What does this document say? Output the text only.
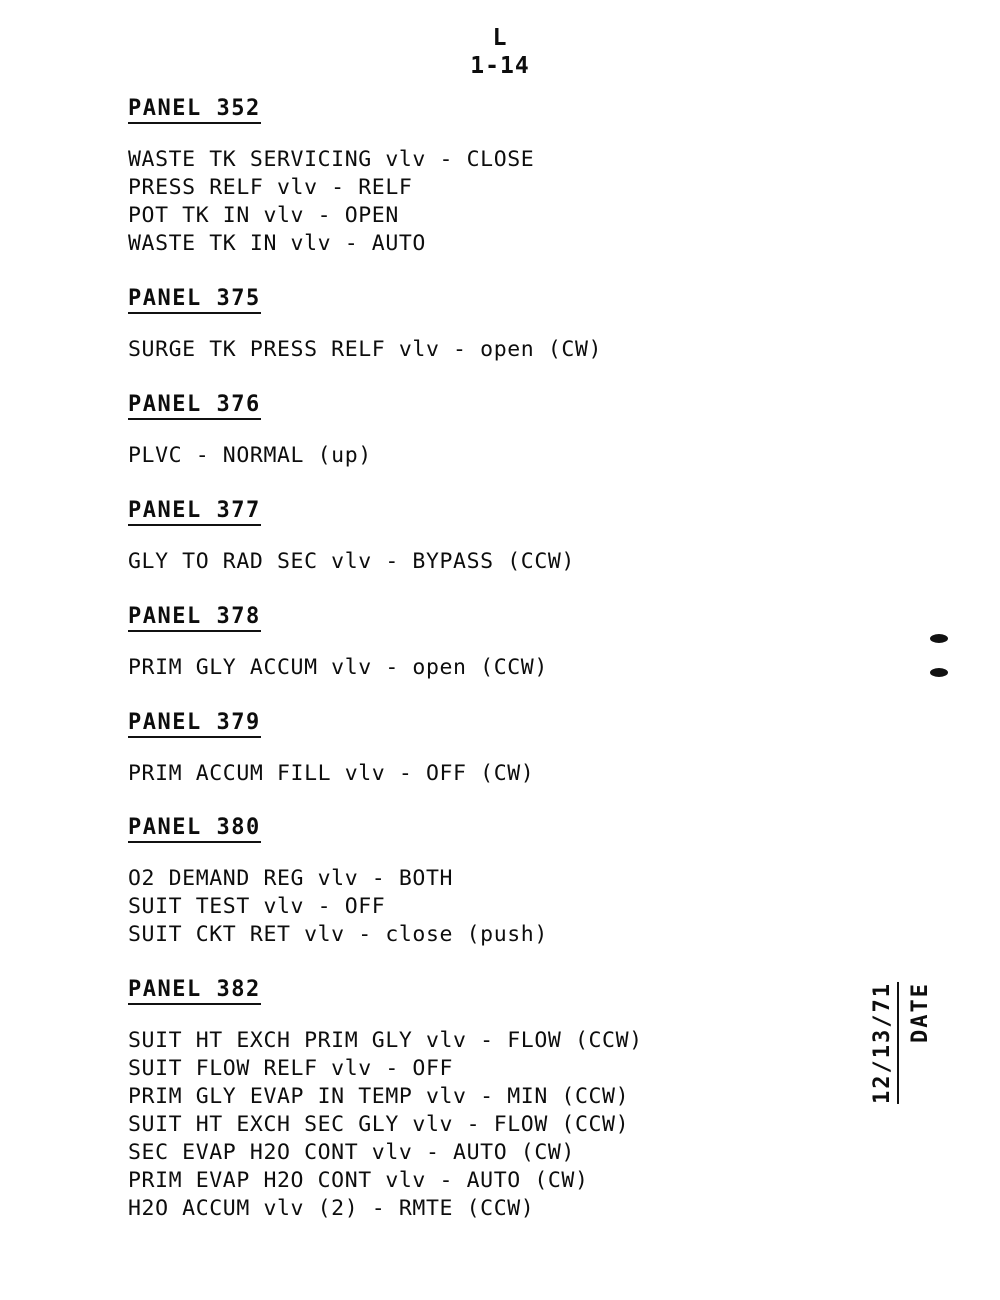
L
1-14
PANEL 352
WASTE TK SERVICING vlv - CLOSE
PRESS RELF vlv - RELF
POT TK IN vlv - OPEN
WASTE TK IN vlv - AUTO
PANEL 375
SURGE TK PRESS RELF vlv - open (CW)
PANEL 376
PLVC - NORMAL (up)
PANEL 377
GLY TO RAD SEC vlv - BYPASS (CCW)
PANEL 378
PRIM GLY ACCUM vlv - open (CCW)
PANEL 379
PRIM ACCUM FILL vlv - OFF (CW)
PANEL 380
O2 DEMAND REG vlv - BOTH
SUIT TEST vlv - OFF
SUIT CKT RET vlv - close (push)
PANEL 382
SUIT HT EXCH PRIM GLY vlv - FLOW (CCW)
SUIT FLOW RELF vlv - OFF
PRIM GLY EVAP IN TEMP vlv - MIN (CCW)
SUIT HT EXCH SEC GLY vlv - FLOW (CCW)
SEC EVAP H2O CONT vlv - AUTO (CW)
PRIM EVAP H2O CONT vlv - AUTO (CW)
H2O ACCUM vlv (2) - RMTE (CCW)
12/13/71 DATE
